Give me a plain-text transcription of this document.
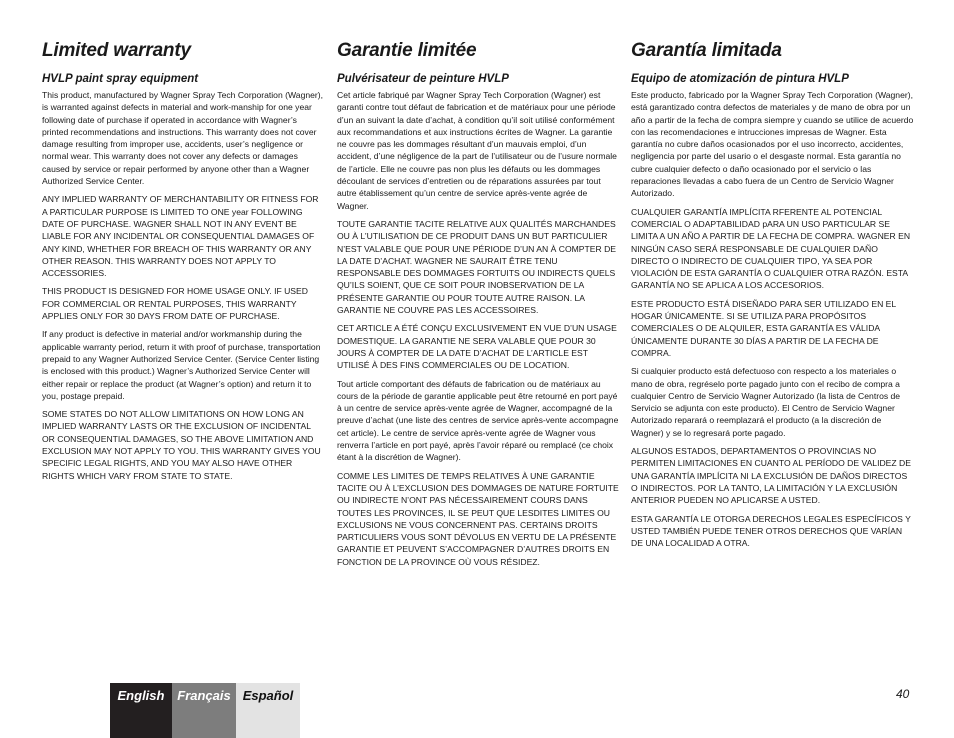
Limited warranty
HVLP paint spray equipment

This product, manufactured by Wagner Spray Tech Corporation (Wagner), is warranted against defects in material and work-manship for one year following date of purchase if operated in accordance with Wagner’s printed recommendations and instructions. This warranty does not cover damage resulting from improper use, accidents, user’s negligence or normal wear. This warranty does not cover any defects or damages caused by service or repair performed by anyone other than a Wagner Authorized Service Center.

ANY IMPLIED WARRANTY OF MERCHANTABILITY OR FITNESS FOR A PARTICULAR PURPOSE IS LIMITED TO ONE year FOLLOWING DATE OF PURCHASE. WAGNER SHALL NOT IN ANY EVENT BE LIABLE FOR ANY INCIDENTAL OR CONSEQUENTIAL DAMAGES OF ANY KIND, WHETHER FOR BREACH OF THIS WARRANTY OR ANY OTHER REASON. THIS WARRANTY DOES NOT APPLY TO ACCESSORIES.

THIS PRODUCT IS DESIGNED FOR HOME USAGE ONLY. IF USED FOR COMMERCIAL OR RENTAL PURPOSES, THIS WARRANTY APPLIES ONLY FOR 30 DAYS FROM DATE OF PURCHASE.

If any product is defective in material and/or workmanship during the applicable warranty period, return it with proof of purchase, transportation prepaid to any Wagner Authorized Service Center. (Service Center listing is enclosed with this product.) Wagner’s Authorized Service Center will either repair or replace the product (at Wagner’s option) and return it to you, postage prepaid.

SOME STATES DO NOT ALLOW LIMITATIONS ON HOW LONG AN IMPLIED WARRANTY LASTS OR THE EXCLUSION OF INCIDENTAL OR CONSEQUENTIAL DAMAGES, SO THE ABOVE LIMITATION AND EXCLUSION MAY NOT APPLY TO YOU. THIS WARRANTY GIVES YOU SPECIFIC LEGAL RIGHTS, AND YOU MAY ALSO HAVE OTHER RIGHTS WHICH VARY FROM STATE TO STATE.

Garantie limitée
Pulvérisateur de peinture HVLP

Cet article fabriqué par Wagner Spray Tech Corporation (Wagner) est garanti contre tout défaut de fabrication et de matériaux pour une période d’un an suivant la date d’achat, à condition qu’il soit utilisé conformément aux recommandations et aux instructions écrites de Wagner. La garantie ne couvre pas les dommages résultant d’un mauvais emploi, d’un accident, d’une négligence de la part de l’utilisateur ou de l’usure normale de l’article. Elle ne couvre pas non plus les défauts ou les dommages découlant de services d’entretien ou de réparations assurées par tout autre établissement qu’un centre de service après-vente agrée de Wagner.

TOUTE GARANTIE TACITE RELATIVE AUX QUALITÉS MARCHANDES OU À L’UTILISATION DE CE PRODUIT DANS UN BUT PARTICULIER N’EST VALABLE QUE POUR UNE PÉRIODE D’UN AN À COMPTER DE LA DATE D’ACHAT. WAGNER NE SAURAIT ÊTRE TENU RESPONSABLE DES DOMMAGES FORTUITS OU INDIRECTS QUELS QU’ILS SOIENT, QUE CE SOIT POUR INOBSERVATION DE LA PRÉSENTE GARANTIE OU POUR TOUTE AUTRE RAISON. LA GARANTIE NE COUVRE PAS LES ACCESSOIRES.

CET ARTICLE A ÉTÉ CONÇU EXCLUSIVEMENT EN VUE D’UN USAGE DOMESTIQUE. LA GARANTIE NE SERA VALABLE QUE POUR 30 JOURS À COMPTER DE LA DATE D’ACHAT DE L’ARTICLE EST UTILISÉ À DES FINS COMMERCIALES OU DE LOCATION.

Tout article comportant des défauts de fabrication ou de matériaux au cours de la période de garantie applicable peut être retourné en port payé à un centre de service après-vente agrée de Wagner, accompagné de la preuve d’achat (une liste des centres de service après-vente accompagne cet article). Le centre de service après-vente agrée de Wagner vous renverra l’article en port payé, après l’avoir réparé ou remplacé (ce choix étant à la discrétion de Wagner).

COMME LES LIMITES DE TEMPS RELATIVES À UNE GARANTIE TACITE OU À L’EXCLUSION DES DOMMAGES DE NATURE FORTUITE OU INDIRECTE N’ONT PAS NÉCESSAIREMENT COURS DANS TOUTES LES PROVINCES, IL SE PEUT QUE LESDITES LIMITES OU EXCLUSIONS NE VOUS CONCERNENT PAS. CERTAINS DROITS PARTICULIERS VOUS SONT DÉVOLUS EN VERTU DE LA PRÉSENTE GARANTIE ET PEUVENT S’ACCOMPAGNER D’AUTRES DROITS EN FONCTION DE LA PROVINCE OÙ VOUS RÉSIDEZ.

Garantía limitada
Equipo de atomización de pintura HVLP

Este producto, fabricado por la Wagner Spray Tech Corporation (Wagner), está garantizado contra defectos de materiales y de mano de obra por un año a partir de la fecha de compra siempre y cuando se utilice de acuerdo con las recomendaciones e intrucciones impresas de Wagner. Esta garantía no cubre daños ocasionados por el uso incorrecto, accidentes, negligencia por parte del usario o el desgaste normal. Esta garantía no cubre cualquier defecto o daño ocasionado por el servicio o las reparaciones llevadas a cabo fuera de un Centro de Servicio Wagner Autorizado.

CUALQUIER GARANTÍA IMPLÍCITA RFERENTE AL POTENCIAL COMERCIAL O ADAPTABILIDAD pARA UN USO PARTICULAR SE LIMITA A UN AÑO A PARTIR DE LA FECHA DE COMPRA. WAGNER EN NINGÚN CASO SERÁ RESPONSABLE DE CUALQUIER DAÑO DIRECTO O INDIRECTO DE CUALQUIER TIPO, YA SEA POR VIOLACIÓN DE ESTA GARANTÍA O CUALQUIER OTRA RAZÓN. ESTA GARANTÍA NO SE APLICA A LOS ACCESORIOS.

ESTE PRODUCTO ESTÁ DISEÑADO PARA SER UTILIZADO EN EL HOGAR ÚNICAMENTE. SI SE UTILIZA PARA PROPÓSITOS COMERCIALES O DE ALQUILER, ESTA GARANTÍA ES VÁLIDA ÚNICAMENTE DURANTE 30 DÍAS A PARTIR DE LA FECHA DE COMPRA.

Si cualquier producto está defectuoso con respecto a los materiales o mano de obra, regréselo porte pagado junto con el recibo de compra a cualquier Centro de Servicio Wagner Autorizado (la lista de Centros de Servicio se adjunta con este producto). El Centro de Servicio Wagner Autorizado reparará o reemplazará el producto (a la discreción de Wagner) y se lo regresará porte pagado.

ALGUNOS ESTADOS, DEPARTAMENTOS O PROVINCIAS NO PERMITEN LIMITACIONES EN CUANTO AL PERÍODO DE VALIDEZ DE UNA GARANTÍA IMPLÍCITA NI LA EXCLUSIÓN DE DAÑOS DIRECTOS O INDIRECTOS. POR LA TANTO, LA LIMITACIÓN Y LA EXCLUSIÓN ANTERIOR PUEDEN NO APLICARSE A USTED.

ESTA GARANTÍA LE OTORGA DERECHOS LEGALES ESPECÍFICOS Y USTED TAMBIÉN PUEDE TENER OTROS DERECHOS QUE VARÍAN DE UNA LOCALIDAD A OTRA.

English Français Español	40
